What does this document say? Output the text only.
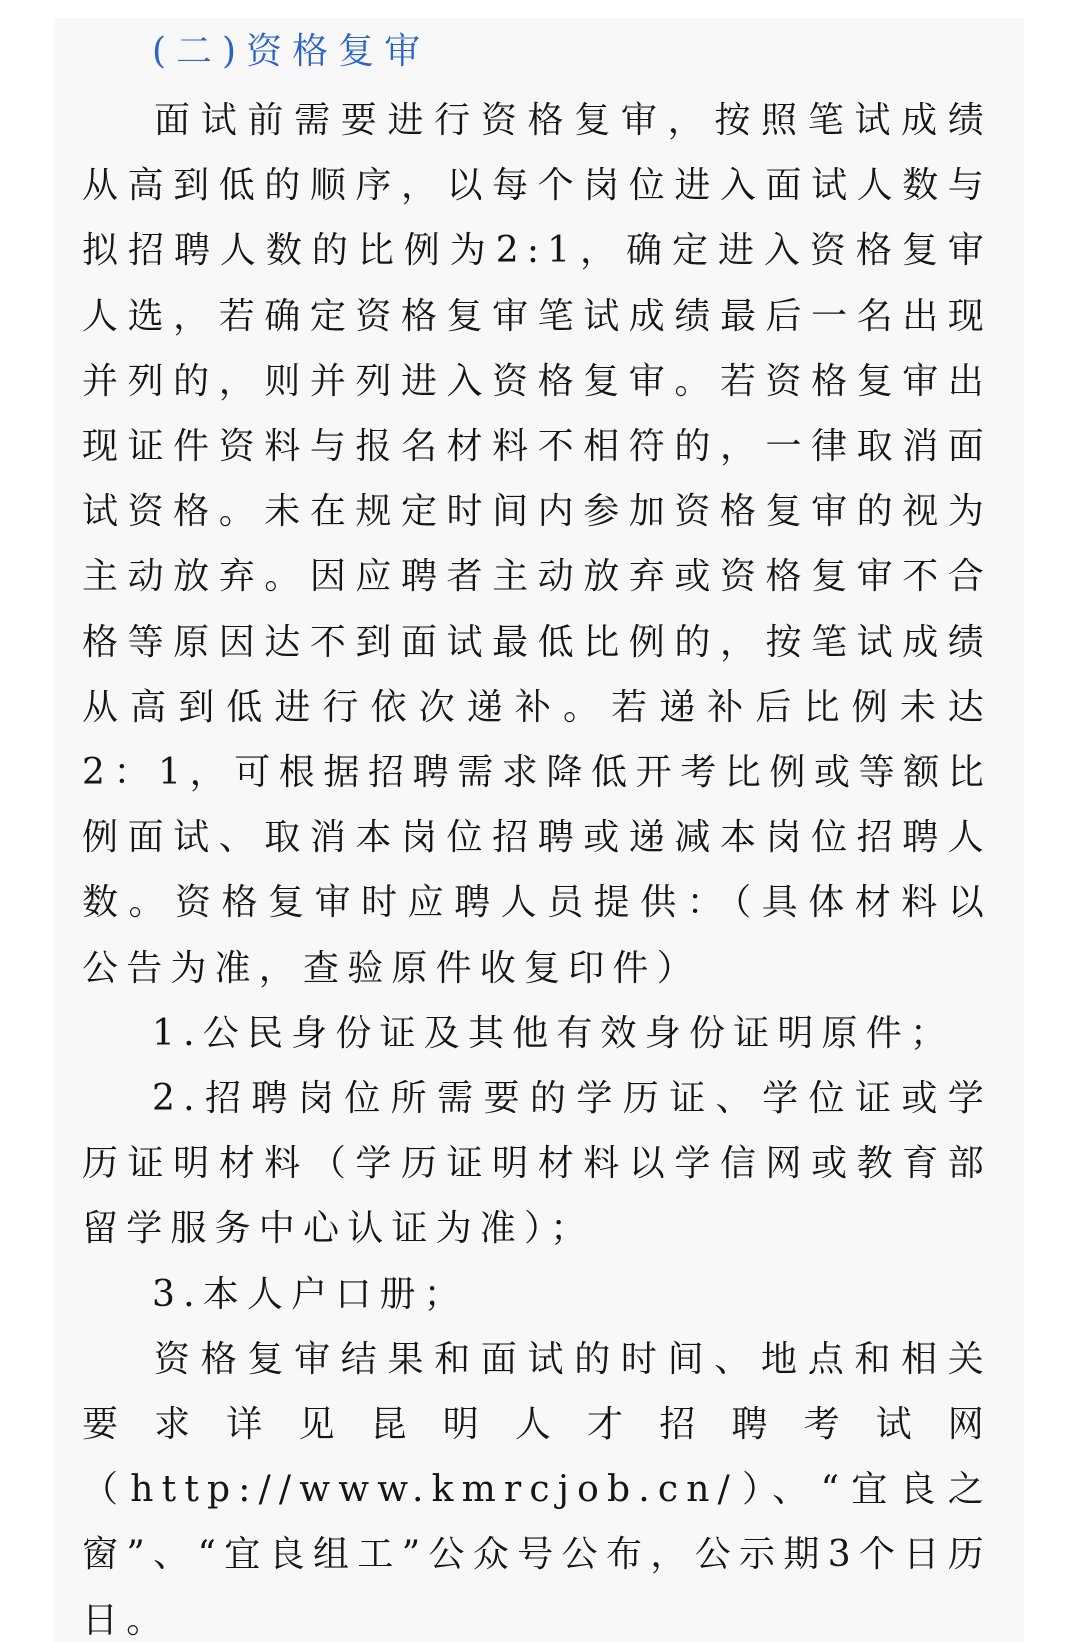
(二)资格复审

面试前需要进行资格复审，按照笔试成绩从高到低的顺序，以每个岗位进入面试人数与拟招聘人数的比例为2:1，确定进入资格复审人选，若确定资格复审笔试成绩最后一名出现并列的，则并列进入资格复审。若资格复审出现证件资料与报名材料不相符的，一律取消面试资格。未在规定时间内参加资格复审的视为主动放弃。因应聘者主动放弃或资格复审不合格等原因达不到面试最低比例的，按笔试成绩从高到低进行依次递补。若递补后比例未达2：1，可根据招聘需求降低开考比例或等额比例面试、取消本岗位招聘或递减本岗位招聘人数。资格复审时应聘人员提供：（具体材料以公告为准，查验原件收复印件）

1.公民身份证及其他有效身份证明原件；

2.招聘岗位所需要的学历证、学位证或学历证明材料（学历证明材料以学信网或教育部留学服务中心认证为准）；

3.本人户口册；

资格复审结果和面试的时间、地点和相关要求详见昆明人才招聘考试网（http://www.kmrcjob.cn/）、“宜良之窗”、“宜良组工”公众号公布，公示期3个日历日。
